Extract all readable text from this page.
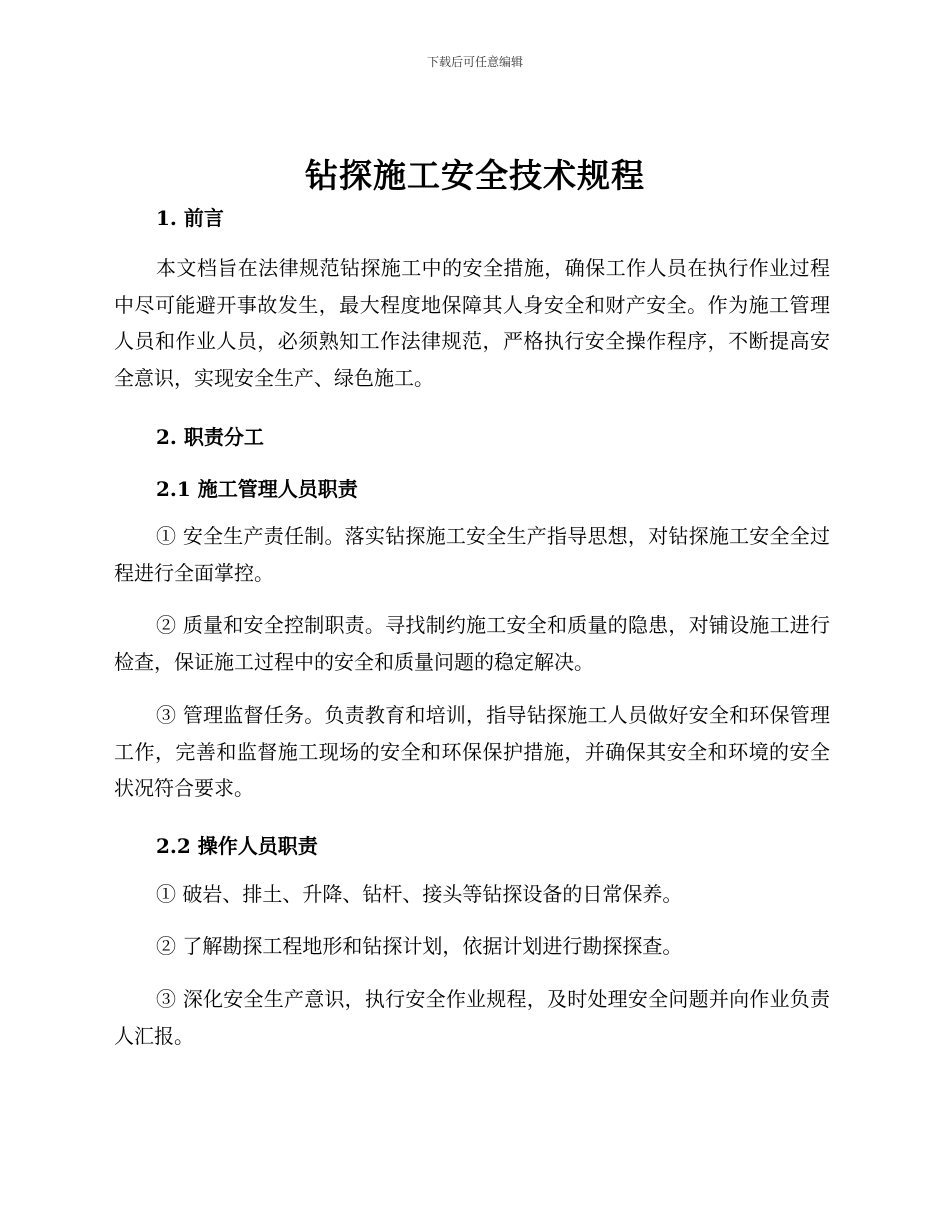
下载后可任意编辑
钻探施工安全技术规程
1. 前言

本文档旨在法律规范钻探施工中的安全措施，确保工作人员在执行作业过程中尽可能避开事故发生，最大程度地保障其人身安全和财产安全。作为施工管理人员和作业人员，必须熟知工作法律规范，严格执行安全操作程序，不断提高安全意识，实现安全生产、绿色施工。

2. 职责分工
2.1 施工管理人员职责

① 安全生产责任制。落实钻探施工安全生产指导思想，对钻探施工安全全过程进行全面掌控。

② 质量和安全控制职责。寻找制约施工安全和质量的隐患，对铺设施工进行检查，保证施工过程中的安全和质量问题的稳定解决。

③ 管理监督任务。负责教育和培训，指导钻探施工人员做好安全和环保管理工作，完善和监督施工现场的安全和环保保护措施，并确保其安全和环境的安全状况符合要求。

2.2 操作人员职责

① 破岩、排土、升降、钻杆、接头等钻探设备的日常保养。

② 了解勘探工程地形和钻探计划，依据计划进行勘探探查。

③ 深化安全生产意识，执行安全作业规程，及时处理安全问题并向作业负责人汇报。
